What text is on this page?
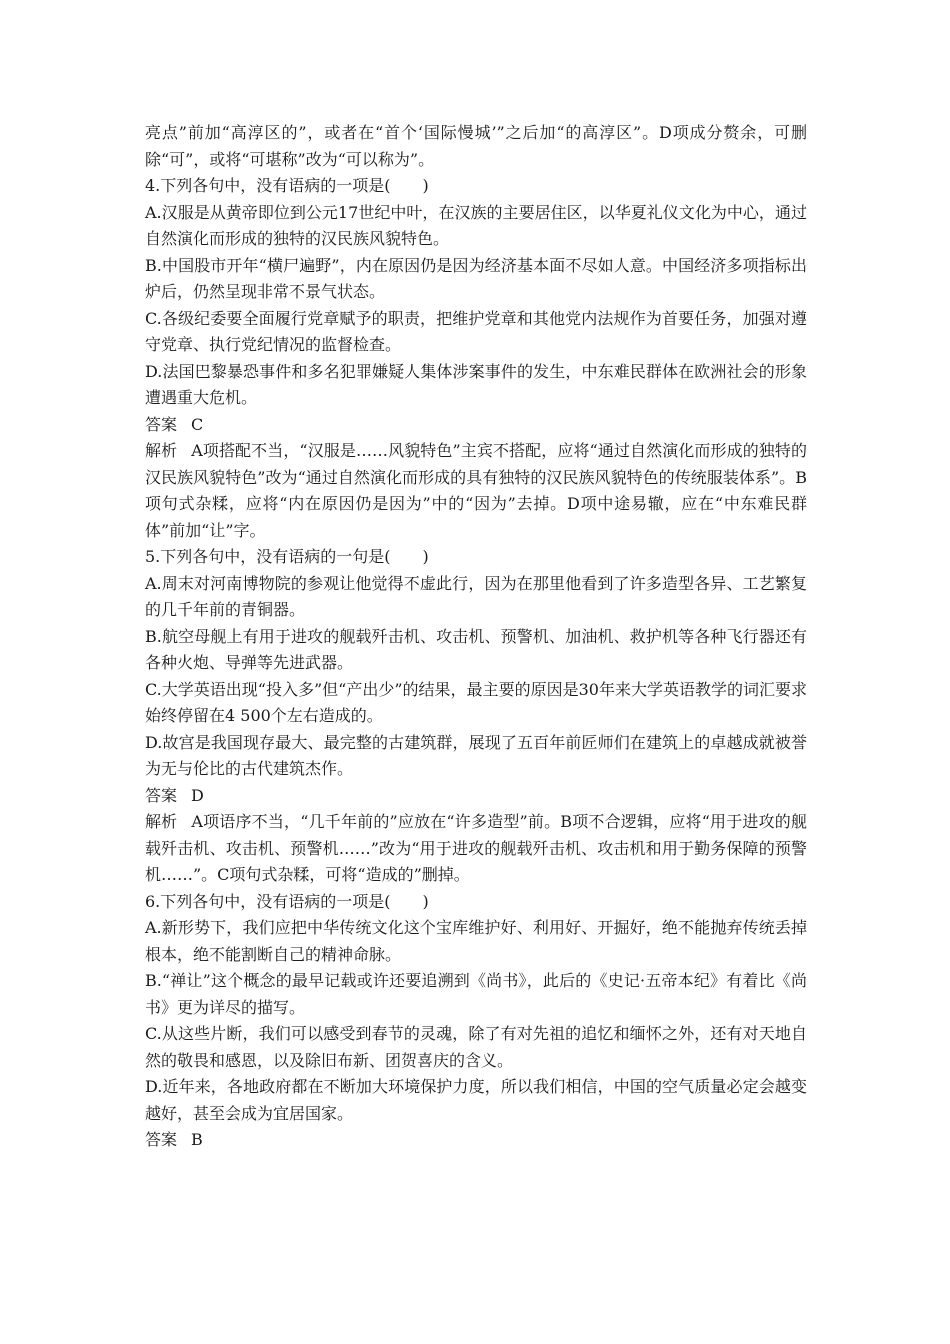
亮点”前加“高淳区的”，或者在“首个‘国际慢城’”之后加“的高淳区”。D项成分赘余，可删除“可”，或将“可堪称”改为“可以称为”。

4.下列各句中，没有语病的一项是(　　)

A.汉服是从黄帝即位到公元17世纪中叶，在汉族的主要居住区，以华夏礼仪文化为中心，通过自然演化而形成的独特的汉民族风貌特色。

B.中国股市开年“横尸遍野”，内在原因仍是因为经济基本面不尽如人意。中国经济多项指标出炉后，仍然呈现非常不景气状态。

C.各级纪委要全面履行党章赋予的职责，把维护党章和其他党内法规作为首要任务，加强对遵守党章、执行党纪情况的监督检查。

D.法国巴黎暴恐事件和多名犯罪嫌疑人集体涉案事件的发生，中东难民群体在欧洲社会的形象遭遇重大危机。

答案 C

解析 A项搭配不当，“汉服是……风貌特色”主宾不搭配，应将“通过自然演化而形成的独特的汉民族风貌特色”改为“通过自然演化而形成的具有独特的汉民族风貌特色的传统服装体系”。B项句式杂糅，应将“内在原因仍是因为”中的“因为”去掉。D项中途易辙，应在“中东难民群体”前加“让”字。

5.下列各句中，没有语病的一句是(　　)

A.周末对河南博物院的参观让他觉得不虚此行，因为在那里他看到了许多造型各异、工艺繁复的几千年前的青铜器。

B.航空母舰上有用于进攻的舰载歼击机、攻击机、预警机、加油机、救护机等各种飞行器还有各种火炮、导弹等先进武器。

C.大学英语出现“投入多”但“产出少”的结果，最主要的原因是30年来大学英语教学的词汇要求始终停留在4 500个左右造成的。

D.故宫是我国现存最大、最完整的古建筑群，展现了五百年前匠师们在建筑上的卓越成就被誉为无与伦比的古代建筑杰作。

答案 D

解析 A项语序不当，“几千年前的”应放在“许多造型”前。B项不合逻辑，应将“用于进攻的舰载歼击机、攻击机、预警机……”改为“用于进攻的舰载歼击机、攻击机和用于勤务保障的预警机……”。C项句式杂糅，可将“造成的”删掉。

6.下列各句中，没有语病的一项是(　　)

A.新形势下，我们应把中华传统文化这个宝库维护好、利用好、开掘好，绝不能抛弃传统丢掉根本，绝不能割断自己的精神命脉。

B.“禅让”这个概念的最早记载或许还要追溯到《尚书》，此后的《史记·五帝本纪》有着比《尚书》更为详尽的描写。

C.从这些片断，我们可以感受到春节的灵魂，除了有对先祖的追忆和缅怀之外，还有对天地自然的敬畏和感恩，以及除旧布新、团贺喜庆的含义。

D.近年来，各地政府都在不断加大环境保护力度，所以我们相信，中国的空气质量必定会越变越好，甚至会成为宜居国家。

答案 B
